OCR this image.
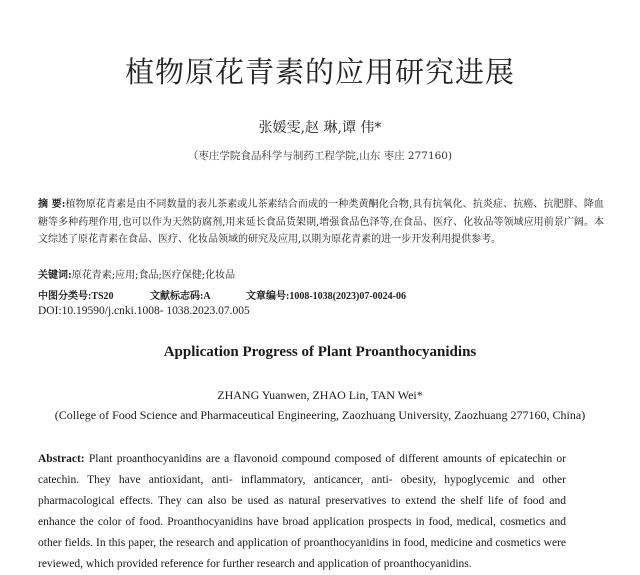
植物原花青素的应用研究进展
张媛雯,赵 琳,谭 伟*
（枣庄学院食品科学与制药工程学院,山东 枣庄 277160)
摘 要:植物原花青素是由不同数量的表儿茶素或儿茶素结合而成的一种类黄酮化合物,具有抗氧化、抗炎症、抗癌、抗肥胖、降血糖等多种药理作用,也可以作为天然防腐剂,用来延长食品货架期,增强食品色泽等,在食品、医疗、化妆品等领域应用前景广阔。本文综述了原花青素在食品、医疗、化妆品领域的研究及应用,以期为原花青素的进一步开发利用提供参考。
关键词:原花青素;应用;食品;医疗保健;化妆品
中图分类号:TS20	文献标志码:A	文章编号:1008-1038(2023)07-0024-06
DOI:10.19590/j.cnki.1008- 1038.2023.07.005
Application Progress of Plant Proanthocyanidins
ZHANG Yuanwen, ZHAO Lin, TAN Wei*
(College of Food Science and Pharmaceutical Engineering, Zaozhuang University, Zaozhuang 277160, China)
Abstract: Plant proanthocyanidins are a flavonoid compound composed of different amounts of epicatechin or catechin. They have antioxidant, anti- inflammatory, anticancer, anti- obesity, hypoglycemic and other pharmacological effects. They can also be used as natural preservatives to extend the shelf life of food and enhance the color of food. Proanthocyanidins have broad application prospects in food, medical, cosmetics and other fields. In this paper, the research and application of proanthocyanidins in food, medicine and cosmetics were reviewed, which provided reference for further research and application of proanthocyanidins.
